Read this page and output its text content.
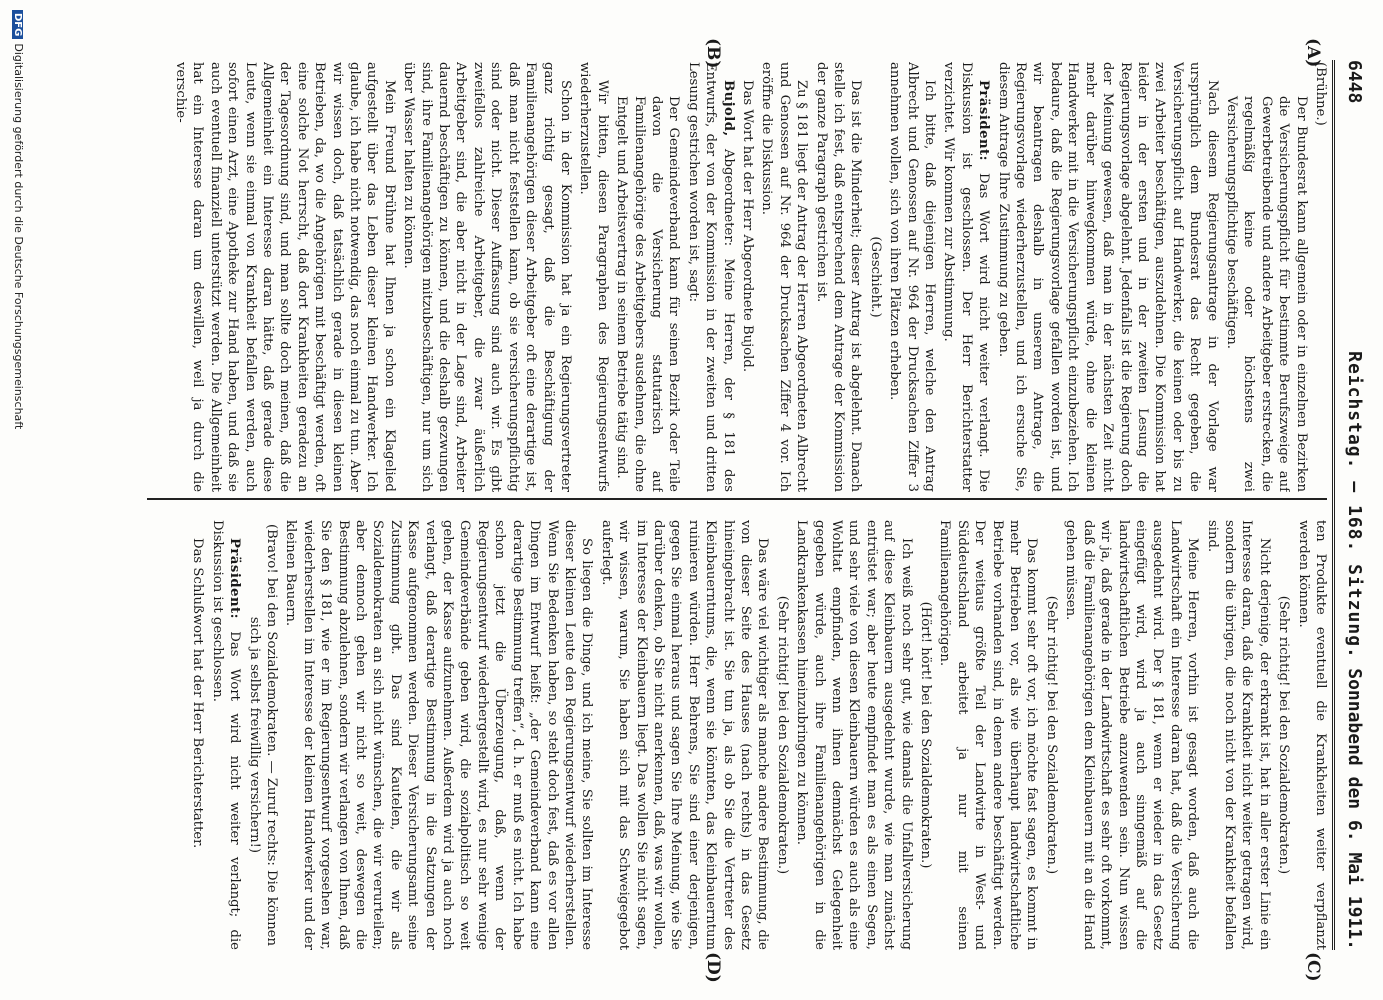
6448
Reichstag. — 168. Sitzung.
Sonnabend den 6. Mai 1911.
(A)
(B)
(C)
(D)

(Brühne.)

Der Bundesrat kann allgemein oder in einzelnen Bezirken die Versicherungspflicht für bestimmte Berufszweige auf Gewerbetreibende und andere Arbeitgeber erstrecken, die regelmäßig keine oder höchstens zwei Versicherungspflichtige beschäftigen.

Nach diesem Regierungsantrage in der Vorlage war ursprünglich dem Bundesrat das Recht gegeben, die Versicherungspflicht auf Handwerker, die keinen oder bis zu zwei Arbeiter beschäftigen, auszudehnen. Die Kommission hat leider in der ersten und in der zweiten Lesung die Regierungsvorlage abgelehnt. Jedenfalls ist die Regierung doch der Meinung gewesen, daß man in der nächsten Zeit nicht mehr darüber hinwegkommen würde, ohne die kleinen Handwerker mit in die Versicherungspflicht einzubeziehen. Ich bedaure, daß die Regierungsvorlage gefallen worden ist, und wir beantragen deshalb in unserem Antrage, die Regierungsvorlage wiederherzustellen, und ich ersuche Sie, diesem Antrage Ihre Zustimmung zu geben.

Präsident: Das Wort wird nicht weiter verlangt. Die Diskussion ist geschlossen. Der Herr Berichterstatter verzichtet. Wir kommen zur Abstimmung.

Ich bitte, daß diejenigen Herren, welche den Antrag Albrecht und Genossen auf Nr. 964 der Drucksachen Ziffer 3 annehmen wollen, sich von ihren Plätzen erheben.

(Geschieht.)

Das ist die Minderheit; dieser Antrag ist abgelehnt. Danach stelle ich fest, daß entsprechend dem Antrage der Kommission der ganze Paragraph gestrichen ist.

Zu § 181 liegt der Antrag der Herren Abgeordneten Albrecht und Genossen auf Nr. 964 der Drucksachen Ziffer 4 vor. Ich eröffne die Diskussion.

Das Wort hat der Herr Abgeordnete Bujold.

Bujold, Abgeordneter: Meine Herren, der § 181 des Entwurfs, der von der Kommission in der zweiten und dritten Lesung gestrichen worden ist, sagt:

Der Gemeindeverband kann für seinen Bezirk oder Teile davon die Versicherung statutarisch auf Familienangehörige des Arbeitgebers ausdehnen, die ohne Entgelt und Arbeitsvertrag in seinem Betriebe tätig sind.

Wir bitten, diesen Paragraphen des Regierungsentwurfs wiederherzustellen.

Schon in der Kommission hat ja ein Regierungsvertreter ganz richtig gesagt, daß die Beschäftigung der Familienangehörigen dieser Arbeitgeber oft eine derartige ist, daß man nicht feststellen kann, ob sie versicherungspflichtig sind oder nicht. Dieser Auffassung sind auch wir. Es gibt zweifellos zahlreiche Arbeitgeber, die zwar äußerlich Arbeitgeber sind, die aber nicht in der Lage sind, Arbeiter dauernd beschäftigen zu können, und die deshalb gezwungen sind, ihre Familienangehörigen mitzubeschäftigen, nur um sich über Wasser halten zu können.

Mein Freund Brühne hat Ihnen ja schon ein Klagelied aufgestellt über das Leben dieser kleinen Handwerker. Ich glaube, ich habe nicht notwendig, das noch einmal zu tun. Aber wir wissen doch, daß tatsächlich gerade in diesen kleinen Betrieben, da, wo die Angehörigen mit beschäftigt werden, oft eine solche Not herrscht, daß dort Krankheiten geradezu an der Tagesordnung sind, und man sollte doch meinen, daß die Allgemeinheit ein Interesse daran hätte, daß gerade diese Leute, wenn sie einmal von Krankheit befallen werden, auch sofort einen Arzt, eine Apotheke zur Hand haben, und daß sie auch eventuell finanziell unterstützt werden. Die Allgemeinheit hat ein Interesse daran um deswillen, weil ja durch die verschie-

ten Produkte eventuell die Krankheiten weiter verpflanzt werden können.

(Sehr richtig! bei den Sozialdemokraten.)

Nicht derjenige, der erkrankt ist, hat in aller erster Linie ein Interesse daran, daß die Krankheit nicht weiter getragen wird, sondern die übrigen, die noch nicht von der Krankheit befallen sind.

Meine Herren, vorhin ist gesagt worden, daß auch die Landwirtschaft ein Interesse daran hat, daß die Versicherung ausgedehnt wird. Der § 181, wenn er wieder in das Gesetz eingefügt wird, wird ja auch sinngemäß auf die landwirtschaftlichen Betriebe anzuwenden sein. Nun wissen wir ja, daß gerade in der Landwirtschaft es sehr oft vorkommt, daß die Familienangehörigen dem Kleinbauern mit an die Hand gehen müssen.

(Sehr richtig! bei den Sozialdemokraten.)

Das kommt sehr oft vor, ich möchte fast sagen, es kommt in mehr Betrieben vor, als wie überhaupt landwirtschaftliche Betriebe vorhanden sind, in denen andere beschäftigt werden. Der weitaus größte Teil der Landwirte in West- und Süddeutschland arbeitet ja nur mit seinen Familienangehörigen.

(Hört! hört! bei den Sozialdemokraten.)

Ich weiß noch sehr gut, wie damals die Unfallversicherung auf diese Kleinbauern ausgedehnt wurde, wie man zunächst entrüstet war; aber heute empfindet man es als einen Segen, und sehr viele von diesen Kleinbauern würden es auch als eine Wohltat empfinden, wenn ihnen demnächst Gelegenheit gegeben würde, auch ihre Familienangehörigen in die Landkrankenkassen hineinzubringen zu können.

(Sehr richtig! bei den Sozialdemokraten.)

Das wäre viel wichtiger als manche andere Bestimmung, die von dieser Seite des Hauses (nach rechts) in das Gesetz hineingebracht ist. Sie tun ja, als ob Sie die Vertreter des Kleinbauerntums, die, wenn sie könnten, das Kleinbauerntum ruinieren würden. Herr Behrens, Sie sind einer derjenigen, gegen Sie einmal heraus und sagen Sie Ihre Meinung, wie Sie darüber denken, ob Sie nicht anerkennen, daß, was wir wollen, im Interesse der Kleinbauern liegt. Das wollen Sie nicht sagen, wir wissen, warum, Sie haben sich mit das Schweigegebot auferlegt.

So liegen die Dinge, und ich meine, Sie sollten im Interesse dieser kleinen Leute den Regierungsentwurf wiederherstellen. Wenn Sie Bedenken haben, so steht doch fest, daß es vor allen Dingen im Entwurf heißt: „der Gemeindeverband kann eine derartige Bestimmung treffen“, d. h. er muß es nicht. Ich habe schon jetzt die Überzeugung, daß, wenn der Regierungsentwurf wiederhergestellt wird, es nur sehr wenige Gemeindeverbände geben wird, die sozialpolitisch so weit gehen, der Kasse aufzunehmen. Außerdem wird ja auch noch verlangt, daß derartige Bestimmung in die Satzungen der Kasse aufgenommen werden. Dieser Versicherungsamt seine Zustimmung gibt. Das sind Kautelen, die wir als Sozialdemokraten an sich nicht wünschen, die wir verurteilen; aber dennoch gehen wir nicht so weit, deswegen die Bestimmung abzulehnen, sondern wir verlangen von Ihnen, daß Sie den § 181, wie er im Regierungsentwurf vorgesehen war, wiederherstellen im Interesse der kleinen Handwerker und der kleinen Bauern.

(Bravo! bei den Sozialdemokraten. — Zuruf rechts: Die können sich ja selbst freiwillig versichern!)

Präsident: Das Wort wird nicht weiter verlangt; die Diskussion ist geschlossen.

Das Schlußwort hat der Herr Berichterstatter.

DFGDigitalisierung gefördert durch die Deutsche Forschungsgemeinschaft
